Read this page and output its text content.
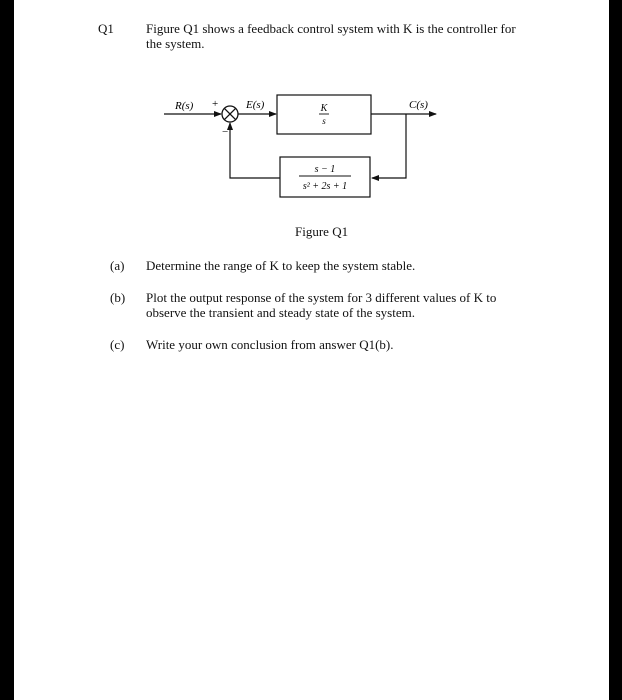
Q1 Figure Q1 shows a feedback control system with K is the controller for
the system.
R(s) +
−
E(s)	K
s
C(s)
s − 1
s² + 2s + 1
Figure Q1
(a) Determine the range of K to keep the system stable.
(b) Plot the output response of the system for 3 different values of K to
observe the transient and steady state of the system.
(c) Write your own conclusion from answer Q1(b).
